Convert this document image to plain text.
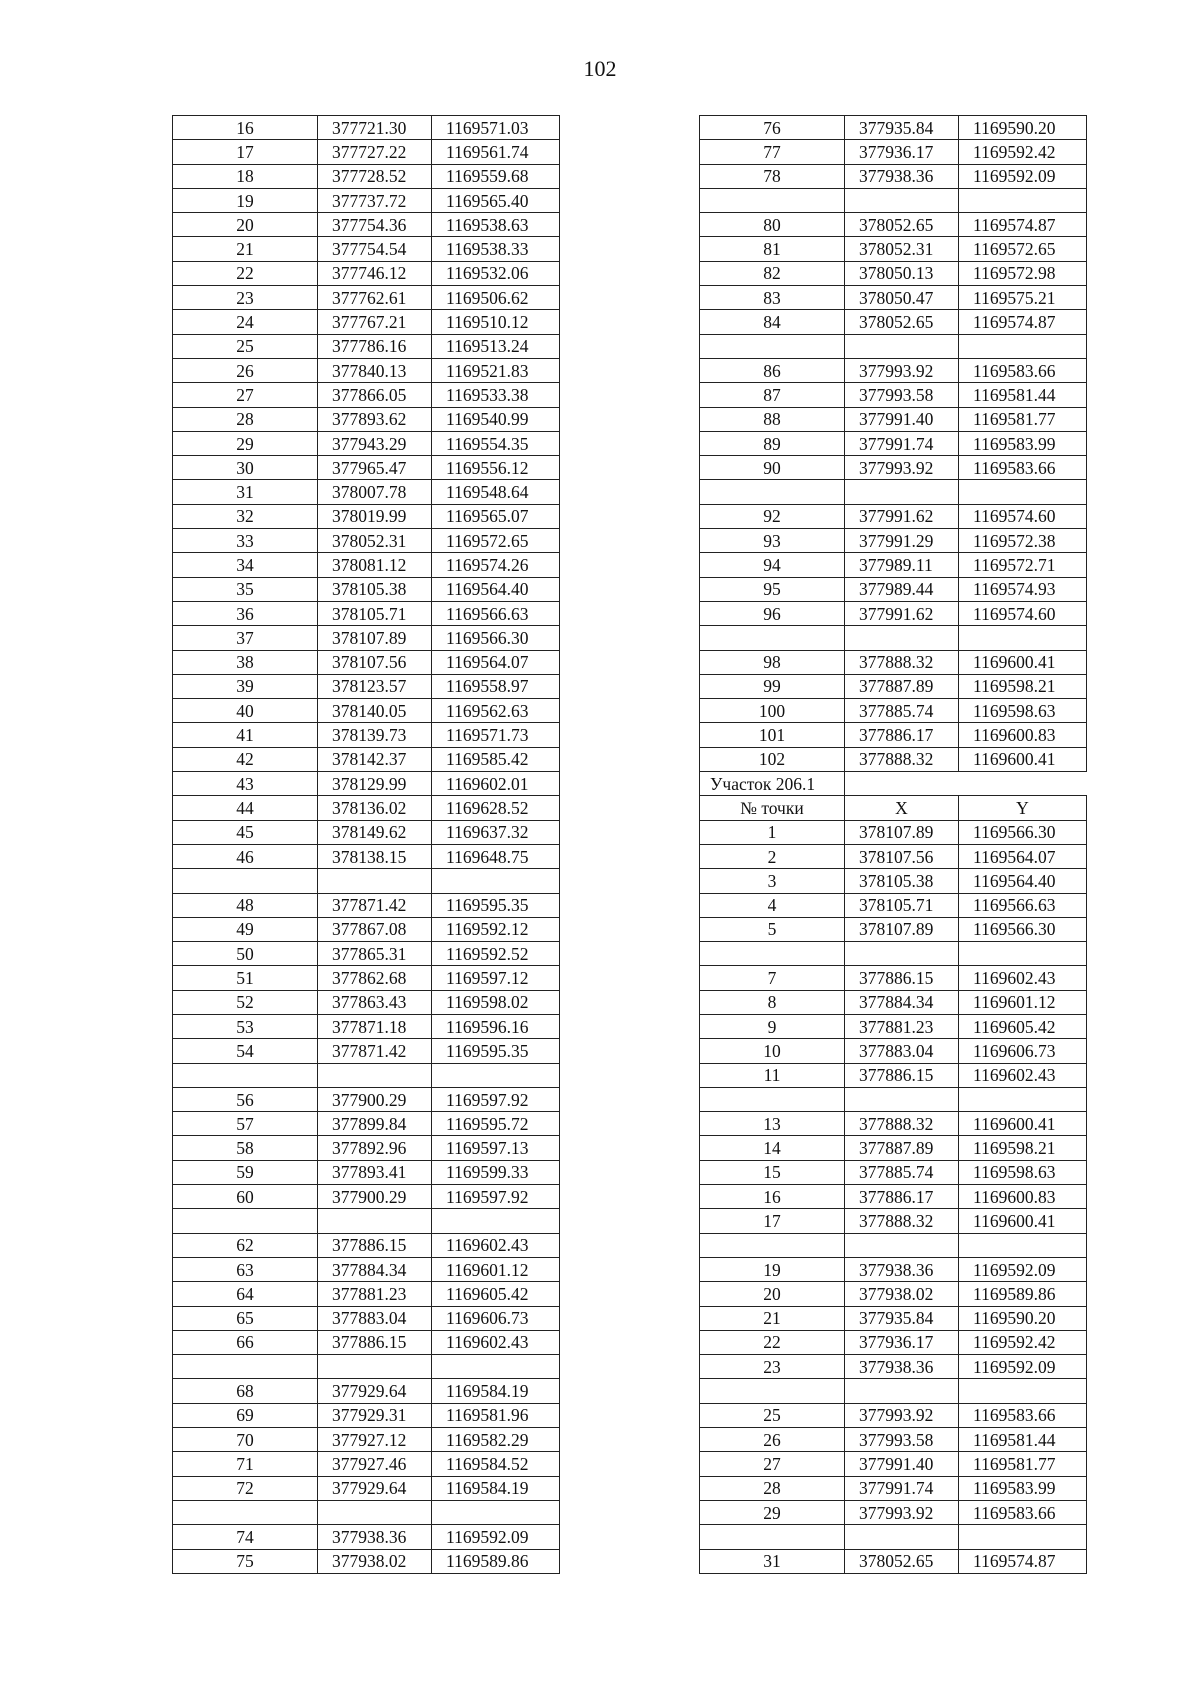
102
16	377721.30	1169571.03
17	377727.22	1169561.74
18	377728.52	1169559.68
19	377737.72	1169565.40
20	377754.36	1169538.63
21	377754.54	1169538.33
22	377746.12	1169532.06
23	377762.61	1169506.62
24	377767.21	1169510.12
25	377786.16	1169513.24
26	377840.13	1169521.83
27	377866.05	1169533.38
28	377893.62	1169540.99
29	377943.29	1169554.35
30	377965.47	1169556.12
31	378007.78	1169548.64
32	378019.99	1169565.07
33	378052.31	1169572.65
34	378081.12	1169574.26
35	378105.38	1169564.40
36	378105.71	1169566.63
37	378107.89	1169566.30
38	378107.56	1169564.07
39	378123.57	1169558.97
40	378140.05	1169562.63
41	378139.73	1169571.73
42	378142.37	1169585.42
43	378129.99	1169602.01
44	378136.02	1169628.52
45	378149.62	1169637.32
46	378138.15	1169648.75

48	377871.42	1169595.35
49	377867.08	1169592.12
50	377865.31	1169592.52
51	377862.68	1169597.12
52	377863.43	1169598.02
53	377871.18	1169596.16
54	377871.42	1169595.35

56	377900.29	1169597.92
57	377899.84	1169595.72
58	377892.96	1169597.13
59	377893.41	1169599.33
60	377900.29	1169597.92

62	377886.15	1169602.43
63	377884.34	1169601.12
64	377881.23	1169605.42
65	377883.04	1169606.73
66	377886.15	1169602.43

68	377929.64	1169584.19
69	377929.31	1169581.96
70	377927.12	1169582.29
71	377927.46	1169584.52
72	377929.64	1169584.19

74	377938.36	1169592.09
75	377938.02	1169589.86
76	377935.84	1169590.20
77	377936.17	1169592.42
78	377938.36	1169592.09

80	378052.65	1169574.87
81	378052.31	1169572.65
82	378050.13	1169572.98
83	378050.47	1169575.21
84	378052.65	1169574.87

86	377993.92	1169583.66
87	377993.58	1169581.44
88	377991.40	1169581.77
89	377991.74	1169583.99
90	377993.92	1169583.66

92	377991.62	1169574.60
93	377991.29	1169572.38
94	377989.11	1169572.71
95	377989.44	1169574.93
96	377991.62	1169574.60

98	377888.32	1169600.41
99	377887.89	1169598.21
100	377885.74	1169598.63
101	377886.17	1169600.83
102	377888.32	1169600.41
Участок 206.1		
№ точки	X	Y
1	378107.89	1169566.30
2	378107.56	1169564.07
3	378105.38	1169564.40
4	378105.71	1169566.63
5	378107.89	1169566.30

7	377886.15	1169602.43
8	377884.34	1169601.12
9	377881.23	1169605.42
10	377883.04	1169606.73
11	377886.15	1169602.43

13	377888.32	1169600.41
14	377887.89	1169598.21
15	377885.74	1169598.63
16	377886.17	1169600.83
17	377888.32	1169600.41

19	377938.36	1169592.09
20	377938.02	1169589.86
21	377935.84	1169590.20
22	377936.17	1169592.42
23	377938.36	1169592.09

25	377993.92	1169583.66
26	377993.58	1169581.44
27	377991.40	1169581.77
28	377991.74	1169583.99
29	377993.92	1169583.66

31	378052.65	1169574.87
